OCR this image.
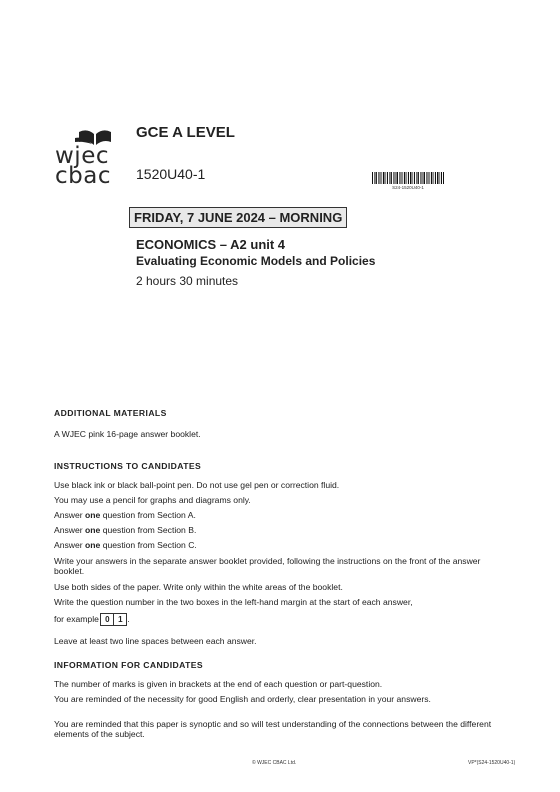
wjec
cbac
GCE A LEVEL
1520U40-1
S24-1520U40-1
FRIDAY, 7 JUNE 2024 – MORNING
ECONOMICS – A2 unit 4
Evaluating Economic Models and Policies
2 hours 30 minutes
ADDITIONAL MATERIALS
A WJEC pink 16-page answer booklet.
INSTRUCTIONS TO CANDIDATES
Use black ink or black ball-point pen. Do not use gel pen or correction fluid.
You may use a pencil for graphs and diagrams only.
Answer one question from Section A.
Answer one question from Section B.
Answer one question from Section C.
Write your answers in the separate answer booklet provided, following the instructions on the front of the answer booklet.
Use both sides of the paper. Write only within the white areas of the booklet.
Write the question number in the two boxes in the left-hand margin at the start of each answer,
for example 0 1 .
Leave at least two line spaces between each answer.
INFORMATION FOR CANDIDATES
The number of marks is given in brackets at the end of each question or part-question.
You are reminded of the necessity for good English and orderly, clear presentation in your answers.
You are reminded that this paper is synoptic and so will test understanding of the connections between the different elements of the subject.
© WJEC CBAC Ltd.	VP*(S24-1520U40-1)
